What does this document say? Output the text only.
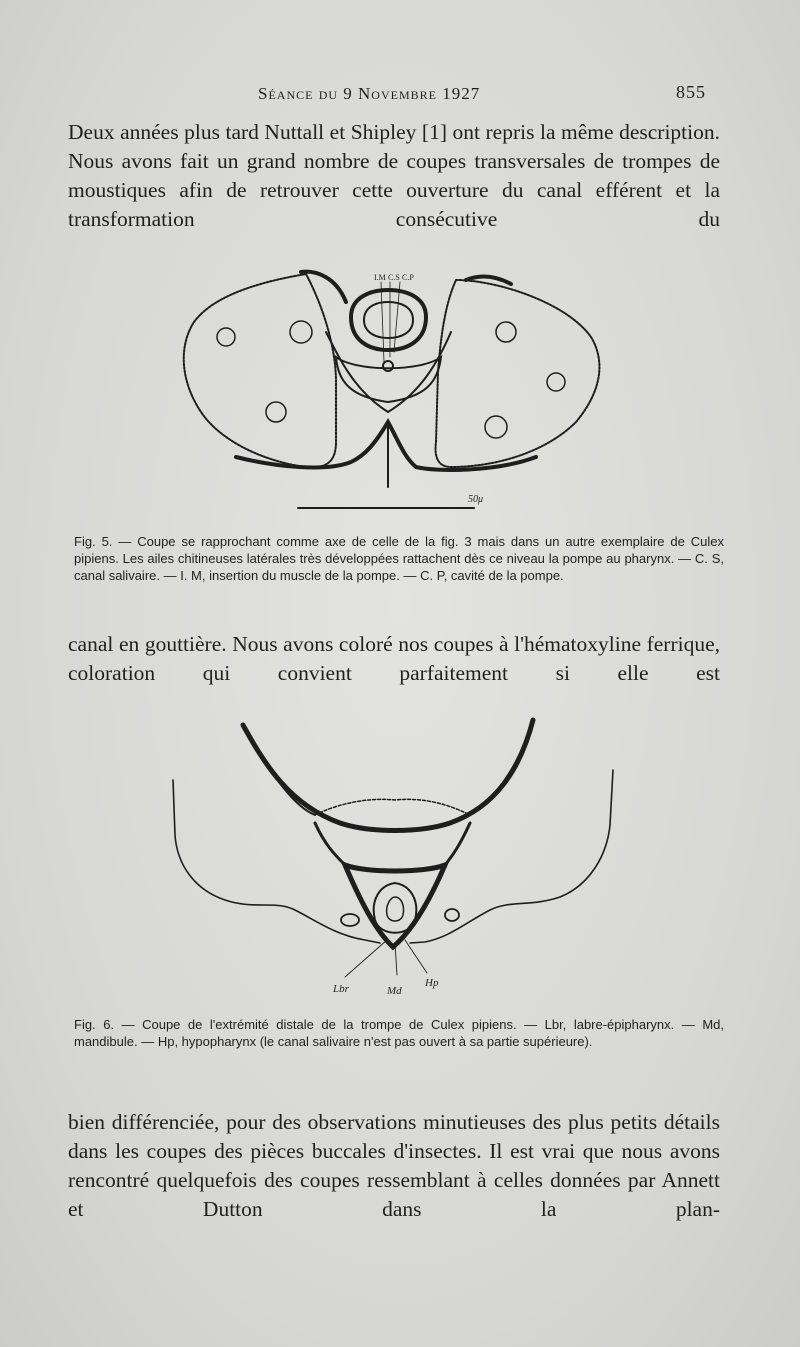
Séance du 9 Novembre 1927	855

Deux années plus tard Nuttall et Shipley [1] ont repris la même description. Nous avons fait un grand nombre de coupes transversales de trompes de moustiques afin de retrouver cette ouverture du canal efférent et la transformation consécutive du

I.M C.S C.P
50μ

Fig. 5. — Coupe se rapprochant comme axe de celle de la fig. 3 mais dans un autre exemplaire de Culex pipiens. Les ailes chitineuses latérales très développées rattachent dès ce niveau la pompe au pharynx. — C. S, canal salivaire. — I. M, insertion du muscle de la pompe. — C. P, cavité de la pompe.

canal en gouttière. Nous avons coloré nos coupes à l'hématoxyline ferrique, coloration qui convient parfaitement si elle est

Lbr	Md
Hp

Fig. 6. — Coupe de l'extrémité distale de la trompe de Culex pipiens. — Lbr, labre-épipharynx. — Md, mandibule. — Hp, hypopharynx (le canal salivaire n'est pas ouvert à sa partie supérieure).

bien différenciée, pour des observations minutieuses des plus petits détails dans les coupes des pièces buccales d'insectes. Il est vrai que nous avons rencontré quelquefois des coupes ressemblant à celles données par Annett et Dutton dans la plan-
